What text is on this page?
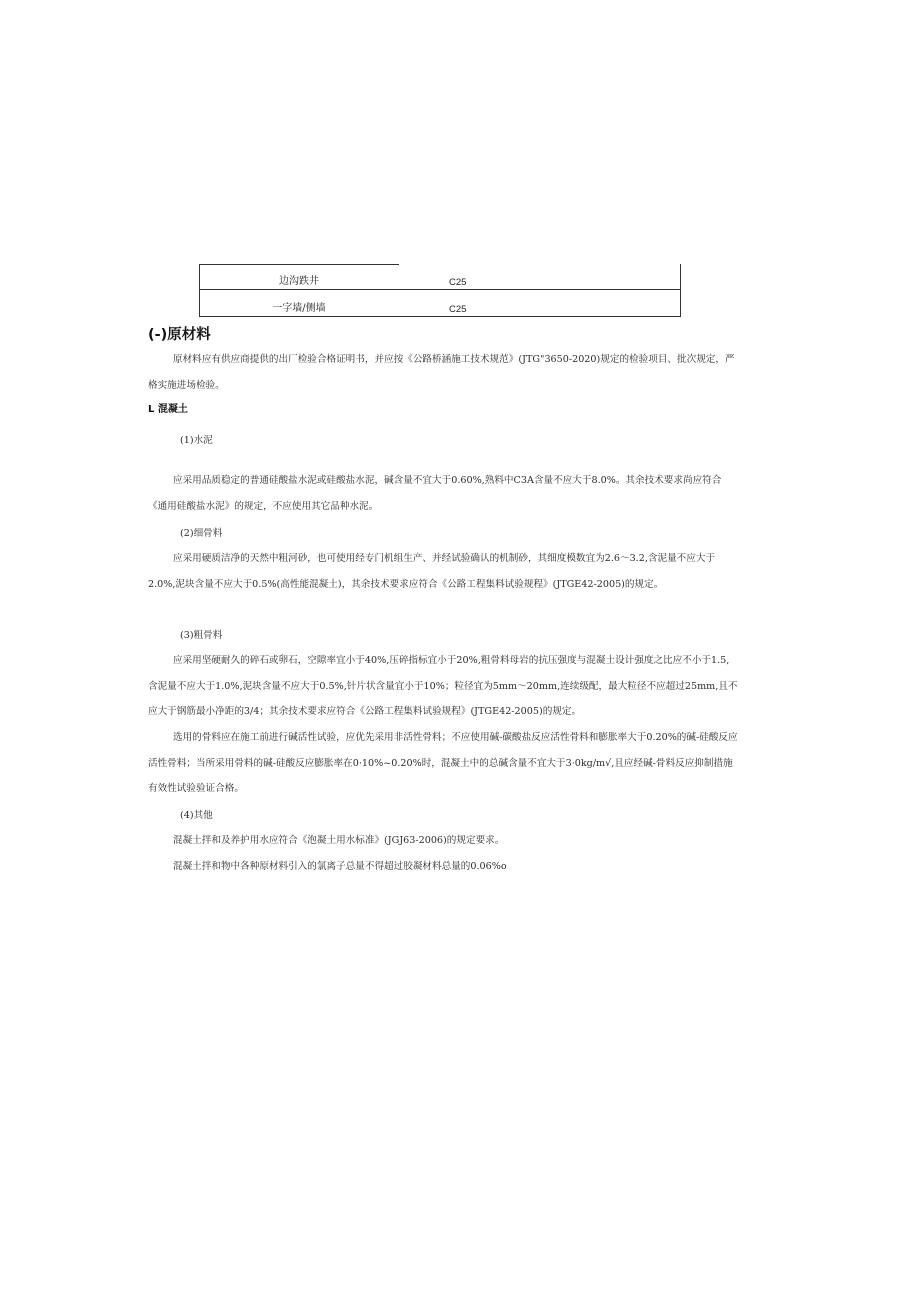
边沟跌井	C25
一字墙/侧墙	C25
(-)原材料

原材料应有供应商提供的出厂检验合格证明书，并应按《公路桥涵施工技术规范》(JTG"3650-2020)规定的检验项目、批次规定，严格实施进场检验。

L 混凝土
(1)水泥

应采用品质稳定的普通硅酸盐水泥或硅酸盐水泥，碱含量不宜大于0.60%,熟料中C3A含量不应大于8.0%。其余技术要求尚应符合《通用硅酸盐水泥》的规定，不应使用其它品种水泥。

(2)细骨料

应采用硬质洁净的天然中粗河砂，也可使用经专门机组生产、并经试验确认的机制砂，其细度模数宜为2.6～3.2,含泥量不应大于2.0%,泥块含量不应大于0.5%(高性能混凝土)，其余技术要求应符合《公路工程集料试验规程》(JTGE42-2005)的规定。

(3)粗骨料

应采用坚硬耐久的碎石或卵石，空隙率宜小于40%,压碎指标宜小于20%,粗骨料母岩的抗压强度与混凝土设计强度之比应不小于1.5,含泥量不应大于1.0%,泥块含量不应大于0.5%,针片状含量宜小于10%；粒径宜为5mm～20mm,连续级配，最大粒径不应超过25mm,且不应大于钢筋最小净距的3/4；其余技术要求应符合《公路工程集料试验规程》(JTGE42-2005)的规定。

选用的骨料应在施工前进行碱活性试验，应优先采用非活性骨料；不应使用碱-碳酸盐反应活性骨料和膨胀率大于0.20%的碱-硅酸反应活性骨料；当所采用骨料的碱-硅酸反应膨胀率在0·10%~0.20%时，混凝土中的总碱含量不宜大于3·0kg∕m√,且应经碱-骨料反应抑制措施有效性试验验证合格。

(4)其他

混凝土拌和及养护用水应符合《泡凝土用水标准》(JGJ63-2006)的规定要求。

混凝土拌和物中各种原材料引入的氯离子总量不得超过胶凝材料总量的0.06%o
